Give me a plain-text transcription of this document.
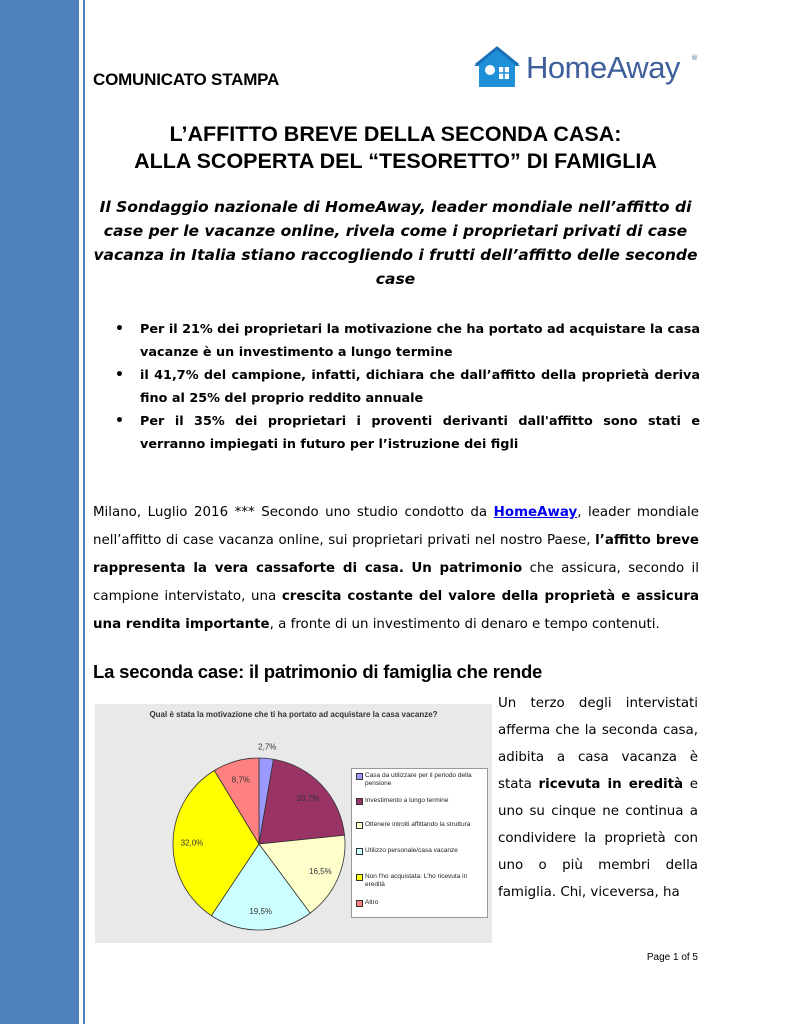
COMUNICATO STAMPA	HomeAway ®
L’AFFITTO BREVE DELLA SECONDA CASA:
ALLA SCOPERTA DEL “TESORETTO” DI FAMIGLIA
Il Sondaggio nazionale di HomeAway, leader mondiale nell’affitto di case per le vacanze online, rivela come i proprietari privati di case vacanza in Italia stiano raccogliendo i frutti dell’affitto delle seconde case
• Per il 21% dei proprietari la motivazione che ha portato ad acquistare la casa vacanze è un investimento a lungo termine
• il 41,7% del campione, infatti, dichiara che dall’affitto della proprietà deriva fino al 25% del proprio reddito annuale
• Per il 35% dei proprietari i proventi derivanti dall'affitto sono stati e verranno impiegati in futuro per l’istruzione dei figli
Milano, Luglio 2016 *** Secondo uno studio condotto da HomeAway, leader mondiale nell’affitto di case vacanza online, sui proprietari privati nel nostro Paese, l’affitto breve rappresenta la vera cassaforte di casa. Un patrimonio che assicura, secondo il campione intervistato, una crescita costante del valore della proprietà e assicura una rendita importante, a fronte di un investimento di denaro e tempo contenuti.
La seconda case: il patrimonio di famiglia che rende
Qual è stata la motivazione che ti ha portato ad acquistare la casa vacanze?
2,7%
20,7%
16,5%
19,5%
32,0%
8,7%	Casa da utilizzare per il periodo della pensione
Investimento a lungo termine
Ottenere introiti affittando la struttura
Utilizzo personale/casa vacanze
Non l'ho acquistata: L'ho ricevuta in eredità
Altro
Un terzo degli intervistati afferma che la seconda casa, adibita a casa vacanza è stata ricevuta in eredità e uno su cinque ne continua a condividere la proprietà con uno o più membri della famiglia. Chi, viceversa, ha
Page 1 of 5
